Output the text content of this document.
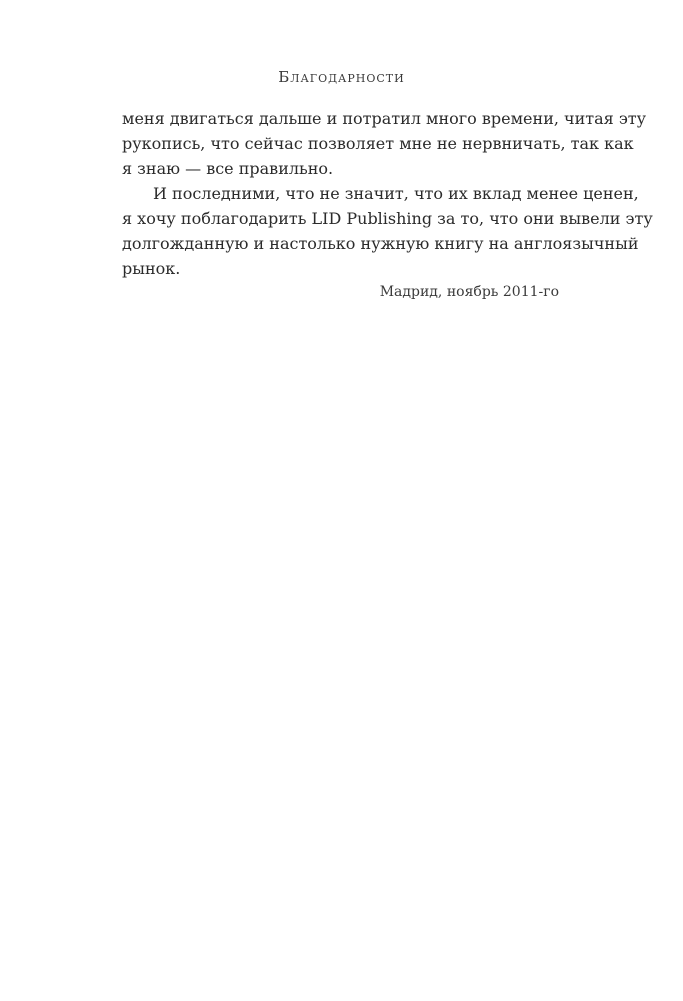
Благодарности

меня двигаться дальше и потратил много времени, читая эту
рукопись, что сейчас позволяет мне не нервничать, так как
я знаю — все правильно.

И последними, что не значит, что их вклад менее ценен,
я хочу поблагодарить LID Publishing за то, что они вывели эту
долгожданную и настолько нужную книгу на англоязычный
рынок.

Мадрид, ноябрь 2011-го
